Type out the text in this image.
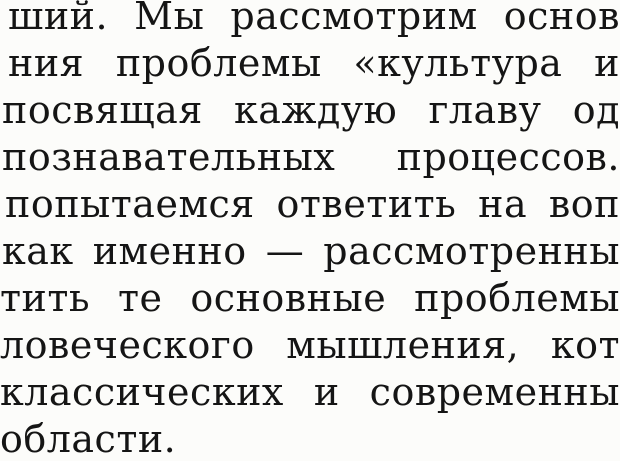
ший. Мы рассмотрим основ
ния проблемы «культура и
посвящая каждую главу од
познавательных процессов.
попытаемся ответить на воп
как именно — рассмотренны
тить те основные проблемы
ловеческого мышления, кот
классических и современны
области.
